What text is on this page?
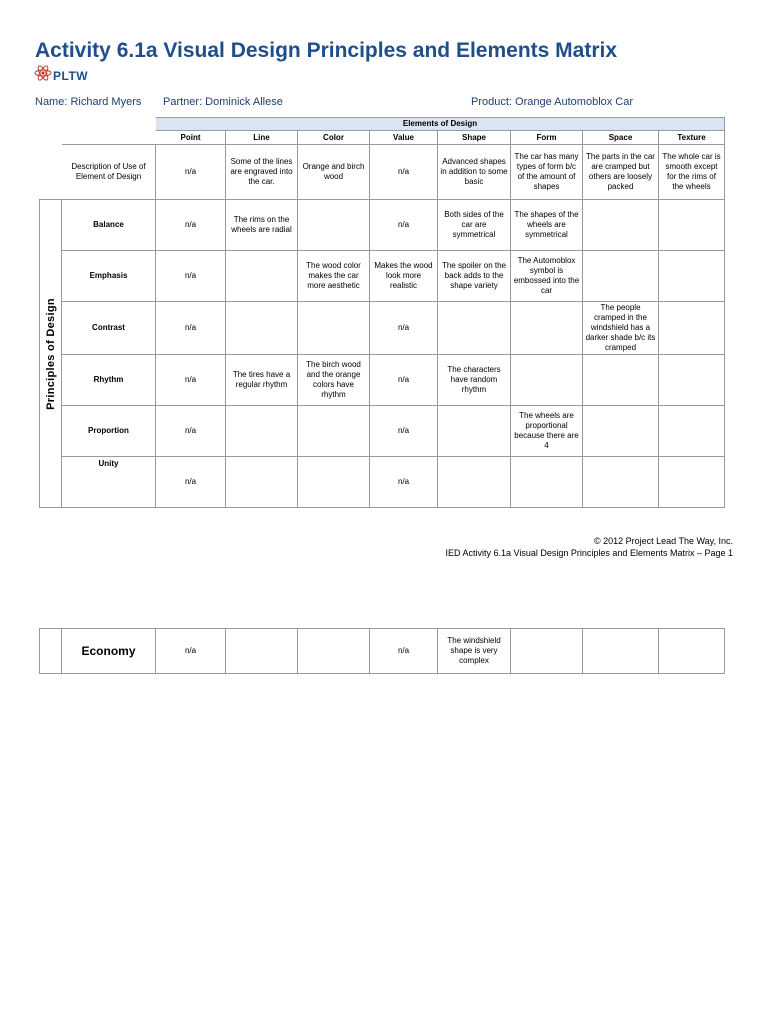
Activity 6.1a Visual Design Principles and Elements Matrix
PLTW
Name: Richard Myers Partner: Dominick Allese	Product: Orange Automoblox Car
		Elements of Design							
		Point	Line	Color	Value	Shape	Form	Space	Texture
	Description of Use of Element of Design	n/a	Some of the lines are engraved into the car.	Orange and birch wood	n/a	Advanced shapes in addition to some basic	The car has many types of form b/c of the amount of shapes	The parts in the car are cramped but others are loosely packed	The whole car is smooth except for the rims of the wheels

Principles of Design	Balance	n/a	The rims on the wheels are radial		n/a	Both sides of the car are symmetrical	The shapes of the wheels are symmetrical		
	Emphasis	n/a		The wood color makes the car more aesthetic	Makes the wood look more realistic	The spoiler on the back adds to the shape variety	The Automoblox symbol is embossed into the car		
	Contrast	n/a			n/a			The people cramped in the windshield has a darker shade b/c its cramped	
	Rhythm	n/a	The tires have a regular rhythm	The birch wood and the orange colors have rhythm	n/a	The characters have random rhythm			
	Proportion	n/a			n/a		The wheels are proportional because there are 4		
	Unity	n/a			n/a				
© 2012 Project Lead The Way, Inc.
IED Activity 6.1a Visual Design Principles and Elements Matrix – Page 1
	Economy	n/a			n/a	The windshield shape is very complex			
